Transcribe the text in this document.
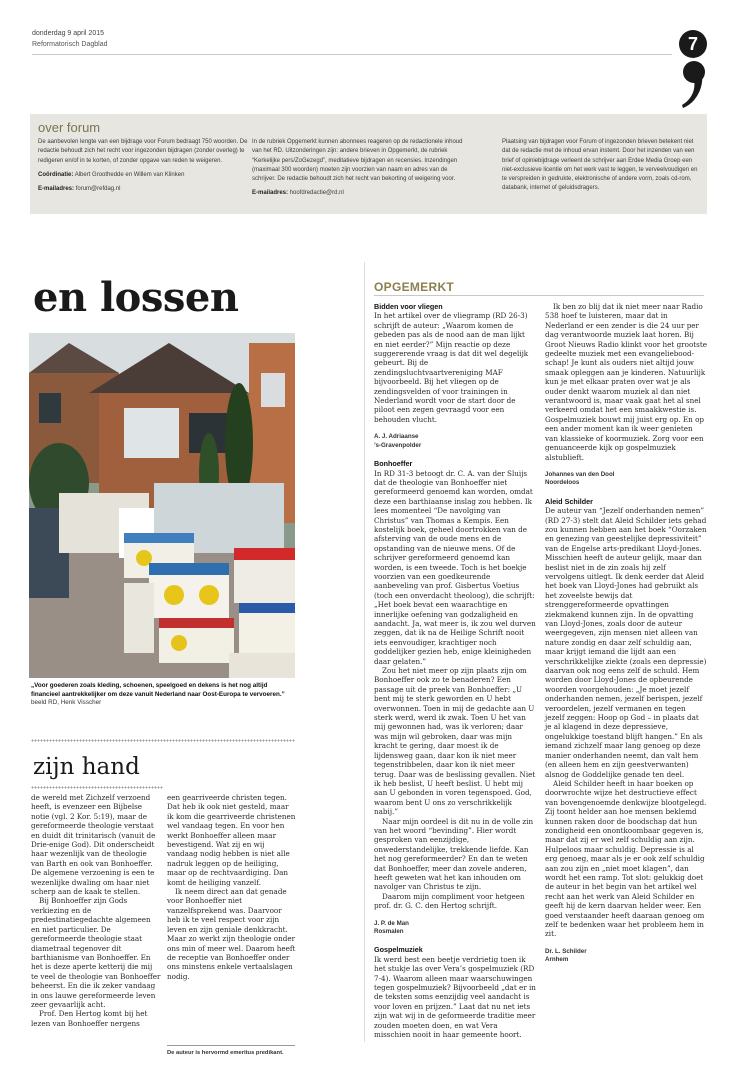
donderdag 9 april 2015
Reformatorisch Dagblad	7
over forum

De aanbevolen lengte van een bijdrage voor Forum bedraagt 750 woorden. De redactie behoudt zich het recht voor ingezonden bijdragen (zonder overleg) te redigeren en/of in te korten, of zonder opgave van reden te weigeren.

Coördinatie: Albert Groothedde en Willem van Klinken

E-mailadres: forum@refdag.nl

In de rubriek Opgemerkt kunnen abonnees reageren op de redactionele inhoud van het RD. Uitzonderingen zijn: andere brieven in Opgemerkt, de rubriek “Kerkelijke pers/ZoGezegd”, meditatieve bijdragen en recensies. Inzendingen (maximaal 300 woorden) moeten zijn voorzien van naam en adres van de schrijver. De redactie behoudt zich het recht van bekorting of weigering voor.

E-mailadres: hoofdredactie@rd.nl

Plaatsing van bijdragen voor Forum of ingezonden brieven betekent niet dat de redactie met de inhoud ervan instemt. Door het inzenden van een brief of opiniebijdrage verleent de schrijver aan Erdee Media Groep een niet-exclusieve licentie om het werk vast te leggen, te verveelvoudigen en te verspreiden in gedrukte, elektronische of andere vorm, zoals cd-rom, databank, internet of geluidsdragers.

en lossen
„Voor goederen zoals kleding, schoenen, speelgoed en dekens is het nog altijd financieel aantrekkelijker om deze vanuit Nederland naar Oost-Europa te vervoeren.” beeld RD, Henk Visscher
zijn hand

de wereld met Zichzelf verzoend heeft, is evenzeer een Bijbelse notie (vgl. 2 Kor. 5:19), maar de gereformeerde theologie verstaat en duidt dit trinitarisch (vanuit de Drie-enige God). Dit onderscheidt haar wezenlijk van de theologie van Barth en ook van Bonhoeffer. De algemene verzoening is een te wezenlijke dwaling om haar niet scherp aan de kaak te stellen.

Bij Bonhoeffer zijn Gods verkiezing en de predestinatiegedachte algemeen en niet particulier. De gereformeerde theologie staat diametraal tegenover dit barthianisme van Bonhoeffer. En het is deze aperte ketterij die mij te veel de theologie van Bonhoeffer beheerst. En die ik zeker vandaag in ons lauwe gereformeerde leven zeer gevaarlijk acht.

Prof. Den Hertog komt bij het lezen van Bonhoeffer nergens

een gearriveerde christen tegen. Dat heb ik ook niet gesteld, maar ik kom die gearriveerde christenen wel vandaag tegen. En voor hen werkt Bonhoeffer alleen maar bevestigend. Wat zij en wij vandaag nodig hebben is niet alle nadruk leggen op de heiliging, maar op de rechtvaardiging. Dan komt de heiliging vanzelf.

Ik neem direct aan dat genade voor Bonhoeffer niet vanzelfsprekend was. Daarvoor heb ik te veel respect voor zijn leven en zijn geniale denkkracht. Maar zo werkt zijn theologie onder ons min of meer wel. Daarom heeft de receptie van Bonhoeffer onder ons minstens enkele vertaalslagen nodig.

De auteur is hervormd emeritus predikant.
OPGEMERKT
Bidden voor vliegen

In het artikel over de vliegramp (RD 26-3) schrijft de auteur: „Waarom komen de gebeden pas als de nood aan de man lijkt en niet eerder?” Mijn reactie op deze suggererende vraag is dat dit wel degelijk gebeurt. Bij de zendingsluchtvaartvereniging MAF bijvoorbeeld. Bij het vliegen op de zendingsvelden of voor trainingen in Nederland wordt voor de start door de piloot een zegen gevraagd voor een behouden vlucht.

A. J. Adriaanse
’s-Gravenpolder
Bonhoeffer

In RD 31-3 betoogt dr. C. A. van der Sluijs dat de theologie van Bonhoeffer niet gereformeerd genoemd kan worden, omdat deze een barthiaanse inslag zou hebben. Ik lees momenteel “De navolging van Christus” van Thomas a Kempis. Een kostelijk boek, geheel doortrokken van de afsterving van de oude mens en de opstanding van de nieuwe mens. Of de schrijver gereformeerd genoemd kan worden, is een tweede. Toch is het boekje voorzien van een goedkeurende aanbeveling van prof. Gisbertus Voetius (toch een onverdacht theoloog), die schrijft: „Het boek bevat een waarachtige en innerlijke oefening van godzaligheid en aandacht. Ja, wat meer is, ik zou wel durven zeggen, dat ik na de Heilige Schrift nooit iets eenvoudiger, krachtiger noch goddelijker gezien heb, enige kleinigheden daar gelaten.”

Zou het niet meer op zijn plaats zijn om Bonhoeffer ook zo te benaderen? Een passage uit de preek van Bonhoeffer: „U bent mij te sterk geworden en U hebt overwonnen. Toen in mij de gedachte aan U sterk werd, werd ik zwak. Toen U het van mij gewonnen had, was ik verloren; daar was mijn wil gebroken, daar was mijn kracht te gering, daar moest ik de lijdensweg gaan, daar kon ik niet meer tegenstribbelen, daar kon ik niet meer terug. Daar was de beslissing gevallen. Niet ik heb beslist, U heeft beslist. U hebt mij aan U gebonden in voren tegenspoed. God, waarom bent U ons zo verschrikkelijk nabij.”

Naar mijn oordeel is dit nu in de volle zin van het woord “bevinding”. Hier wordt gesproken van eenzijdige, onwederstandelijke, trekkende liefde. Kan het nog gereformeerder? En dan te weten dat Bonhoeffer, meer dan zovele anderen, heeft geweten wat het kan inhouden om navolger van Christus te zijn.

Daarom mijn compliment voor hetgeen prof. dr. G. C. den Hertog schrijft.

J. P. de Man
Rosmalen
Gospelmuziek

Ik werd best een beetje verdrietig toen ik het stukje las over Vera’s gospelmuziek (RD 7-4). Waarom alleen maar waarschuwingen tegen gospelmuziek? Bijvoorbeeld „dat er in de teksten soms eenzijdig veel aandacht is voor loven en prijzen.” Laat dat nu net iets zijn wat wij in de geformeerde traditie meer zouden moeten doen, en wat Vera misschien nooit in haar gemeente hoort.

Ik ben zo blij dat ik niet meer naar Radio 538 hoef te luisteren, maar dat in Nederland er een zender is die 24 uur per dag verantwoorde muziek laat horen. Bij Groot Nieuws Radio klinkt voor het grootste gedeelte muziek met een evangeliebood-schap! Je kunt als ouders niet altijd jouw smaak opleggen aan je kinderen. Natuurlijk kun je met elkaar praten over wat je als ouder denkt waarom muziek al dan niet verantwoord is, maar vaak gaat het al snel verkeerd omdat het een smaakkwestie is. Gospelmuziek bouwt mij juist erg op. En op een ander moment kan ik weer genieten van klassieke of koormuziek. Zorg voor een genuanceerde kijk op gospelmuziek alstublieft.

Johannes van den Dool
Noordeloos
Aleid Schilder

De auteur van “Jezelf onderhanden nemen” (RD 27-3) stelt dat Aleid Schilder iets gehad zou kunnen hebben aan het boek “Oorzaken en genezing van geestelijke depressiviteit” van de Engelse arts-predikant Lloyd-Jones. Misschien heeft de auteur gelijk, maar dan beslist niet in de zin zoals hij zelf vervolgens uitlegt. Ik denk eerder dat Aleid het boek van Lloyd-Jones had gebruikt als het zoveelste bewijs dat strenggereformeerde opvattingen ziekmakend kunnen zijn. In de opvatting van Lloyd-Jones, zoals door de auteur weergegeven, zijn mensen niet alleen van nature zondig en daar zelf schuldig aan, maar krijgt iemand die lijdt aan een verschrikkelijke ziekte (zoals een depressie) daarvan ook nog eens zelf de schuld. Hem worden door Lloyd-Jones de opbeurende woorden voorgehouden: „Je moet jezelf onderhanden nemen, jezelf berispen, jezelf veroordelen, jezelf vermanen en tegen jezelf zeggen: Hoop op God – in plaats dat je al klagend in deze depressieve, ongelukkige toestand blijft hangen.” En als iemand zichzelf maar lang genoeg op deze manier onderhanden neemt, dan valt hem (en alleen hem en zijn geestverwanten) alsnog de Goddelijke genade ten deel.

Aleid Schilder heeft in haar boeken op doorwrochte wijze het destructieve effect van bovengenoemde denkwijze blootgelegd. Zij toont helder aan hoe mensen beklemd kunnen raken door de boodschap dat hun zondigheid een onontkoombaar gegeven is, maar dat zij er wel zelf schuldig aan zijn. Hulpeloos maar schuldig. Depressie is al erg genoeg, maar als je er ook zelf schuldig aan zou zijn en „niet moet klagen”, dan wordt het een ramp. Tot slot: gelukkig doet de auteur in het begin van het artikel wel recht aan het werk van Aleid Schilder en geeft hij de kern daarvan helder weer. Een goed verstaander heeft daaraan genoeg om zelf te bedenken waar het probleem hem in zit.

Dr. L. Schilder
Arnhem
